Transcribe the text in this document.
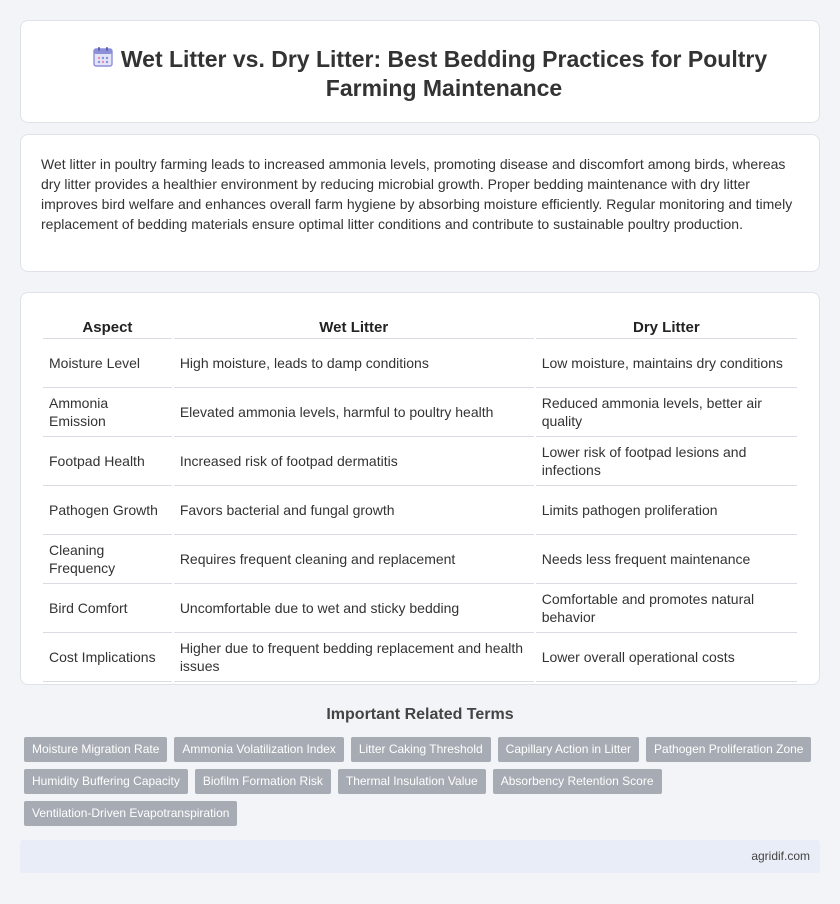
Wet Litter vs. Dry Litter: Best Bedding Practices for Poultry Farming Maintenance

Wet litter in poultry farming leads to increased ammonia levels, promoting disease and discomfort among birds, whereas dry litter provides a healthier environment by reducing microbial growth. Proper bedding maintenance with dry litter improves bird welfare and enhances overall farm hygiene by absorbing moisture efficiently. Regular monitoring and timely replacement of bedding materials ensure optimal litter conditions and contribute to sustainable poultry production.

Aspect	Wet Litter	Dry Litter
Moisture Level	High moisture, leads to damp conditions	Low moisture, maintains dry conditions
Ammonia Emission	Elevated ammonia levels, harmful to poultry health	Reduced ammonia levels, better air quality
Footpad Health	Increased risk of footpad dermatitis	Lower risk of footpad lesions and infections
Pathogen Growth	Favors bacterial and fungal growth	Limits pathogen proliferation
Cleaning Frequency	Requires frequent cleaning and replacement	Needs less frequent maintenance
Bird Comfort	Uncomfortable due to wet and sticky bedding	Comfortable and promotes natural behavior
Cost Implications	Higher due to frequent bedding replacement and health issues	Lower overall operational costs
Important Related Terms
Moisture Migration Rate	Ammonia Volatilization Index	Litter Caking Threshold	Capillary Action in Litter	Pathogen Proliferation Zone
Humidity Buffering Capacity	Biofilm Formation Risk	Thermal Insulation Value	Absorbency Retention Score
Ventilation-Driven Evapotranspiration
agridif.com
